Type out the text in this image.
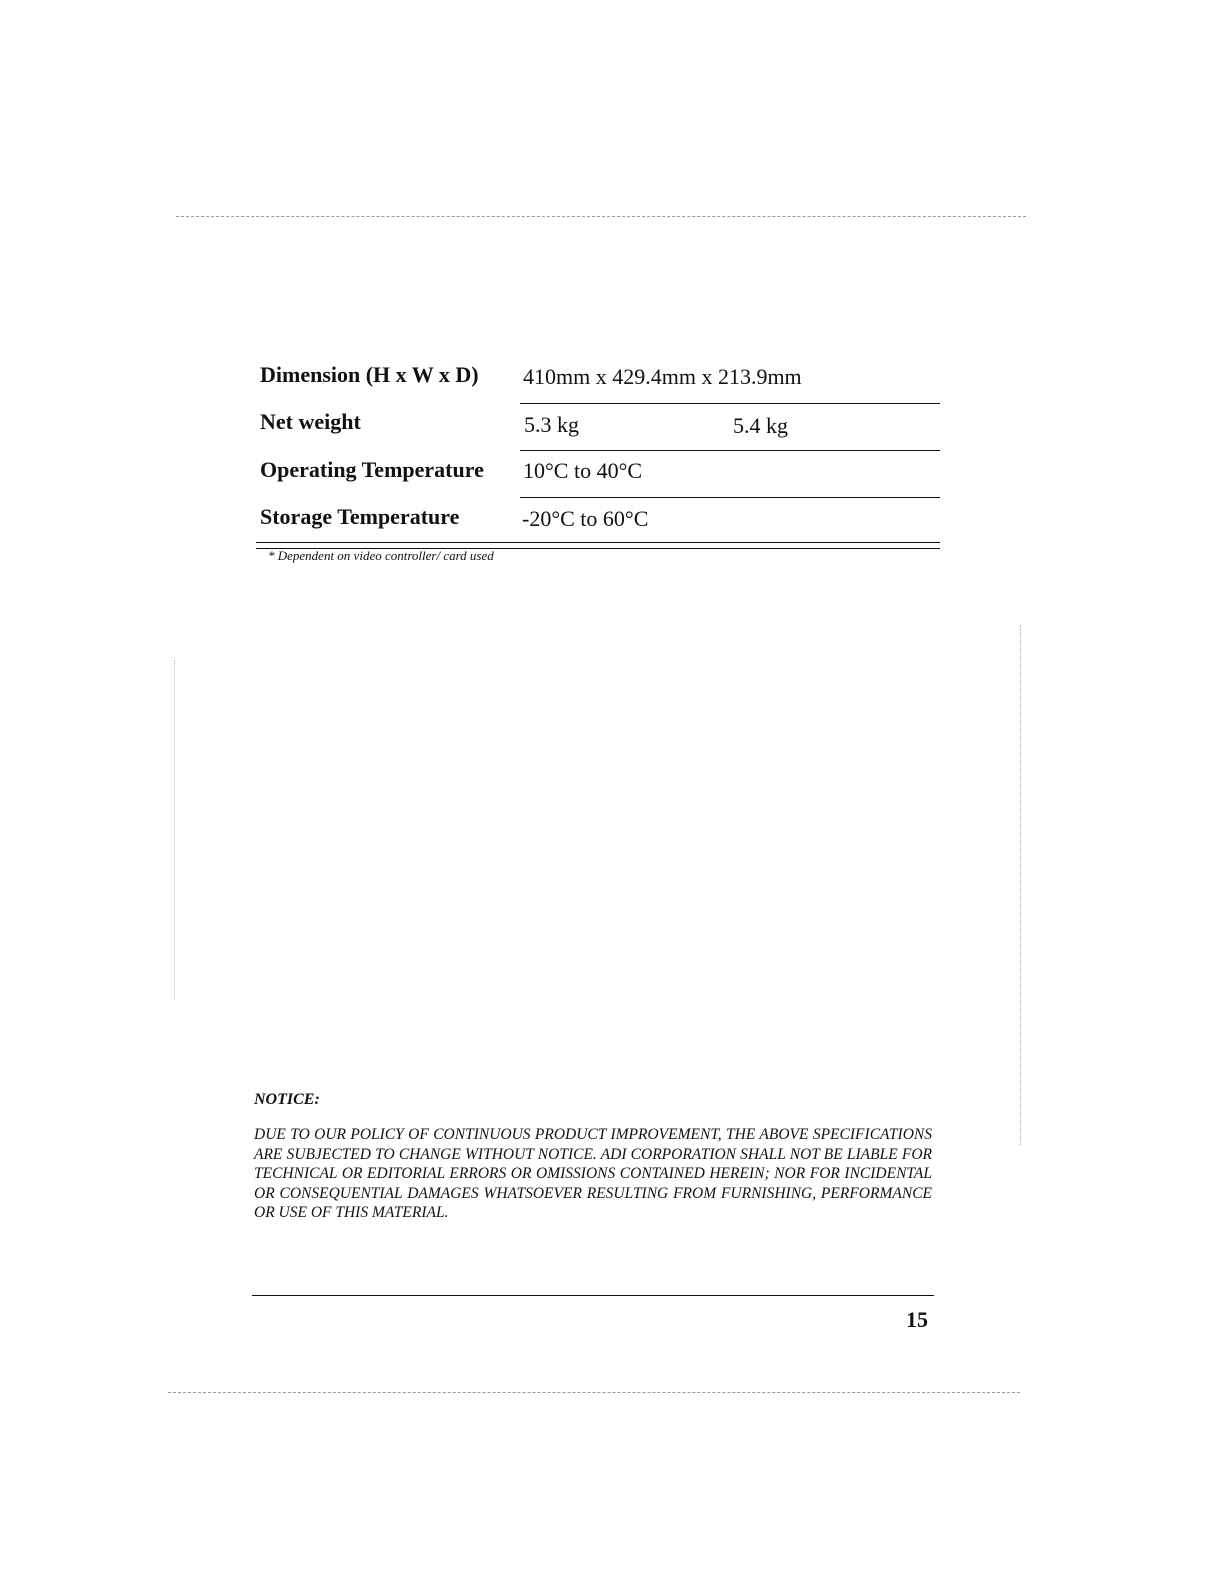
Dimension (H x W x D) 410mm x 429.4mm x 213.9mm
Net weight	5.3 kg	5.4 kg
Operating Temperature 10°C to 40°C
Storage Temperature	-20°C to 60°C
* Dependent on video controller/ card used
NOTICE:
DUE TO OUR POLICY OF CONTINUOUS PRODUCT IMPROVEMENT, THE ABOVE SPECIFICATIONS ARE SUBJECTED TO CHANGE WITHOUT NOTICE. ADI CORPORATION SHALL NOT BE LIABLE FOR TECHNICAL OR EDITORIAL ERRORS OR OMISSIONS CONTAINED HEREIN; NOR FOR INCIDENTAL OR CONSEQUENTIAL DAMAGES WHATSOEVER RESULTING FROM FURNISHING, PERFORMANCE OR USE OF THIS MATERIAL.
15
